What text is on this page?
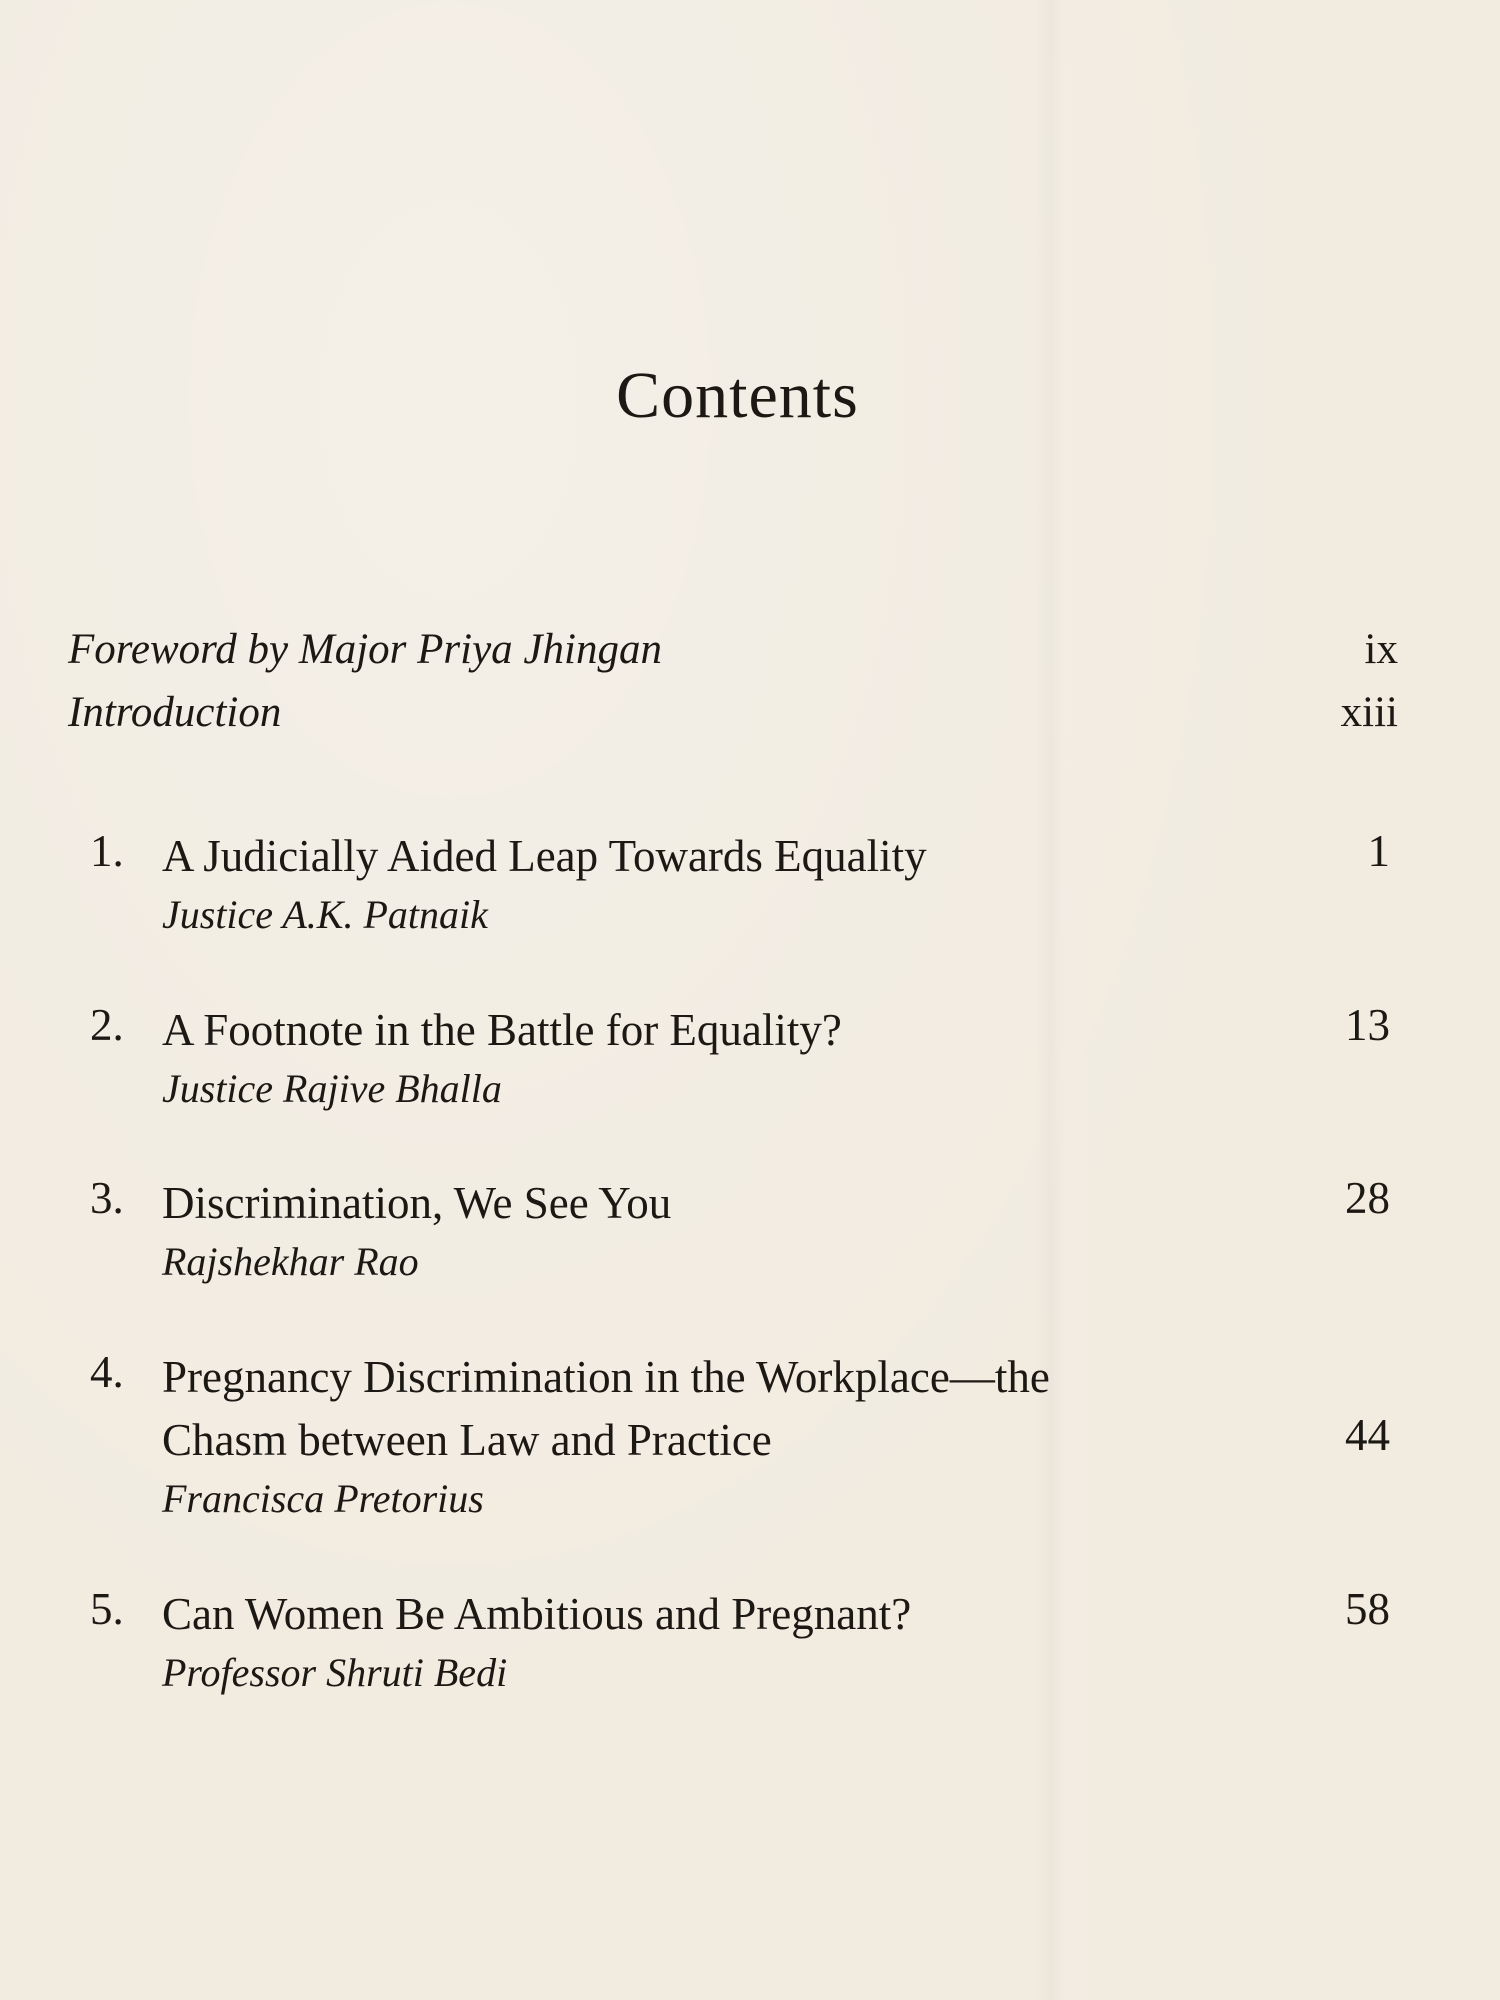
Contents
Foreword by Major Priya Jhingan	ix
Introduction	xiii
1. A Judicially Aided Leap Towards Equality	1
Justice A.K. Patnaik
2. A Footnote in the Battle for Equality?	13
Justice Rajive Bhalla
3. Discrimination, We See You	28
Rajshekhar Rao
4. Pregnancy Discrimination in the Workplace—the
Chasm between Law and Practice	44
Francisca Pretorius
5. Can Women Be Ambitious and Pregnant?	58
Professor Shruti Bedi
